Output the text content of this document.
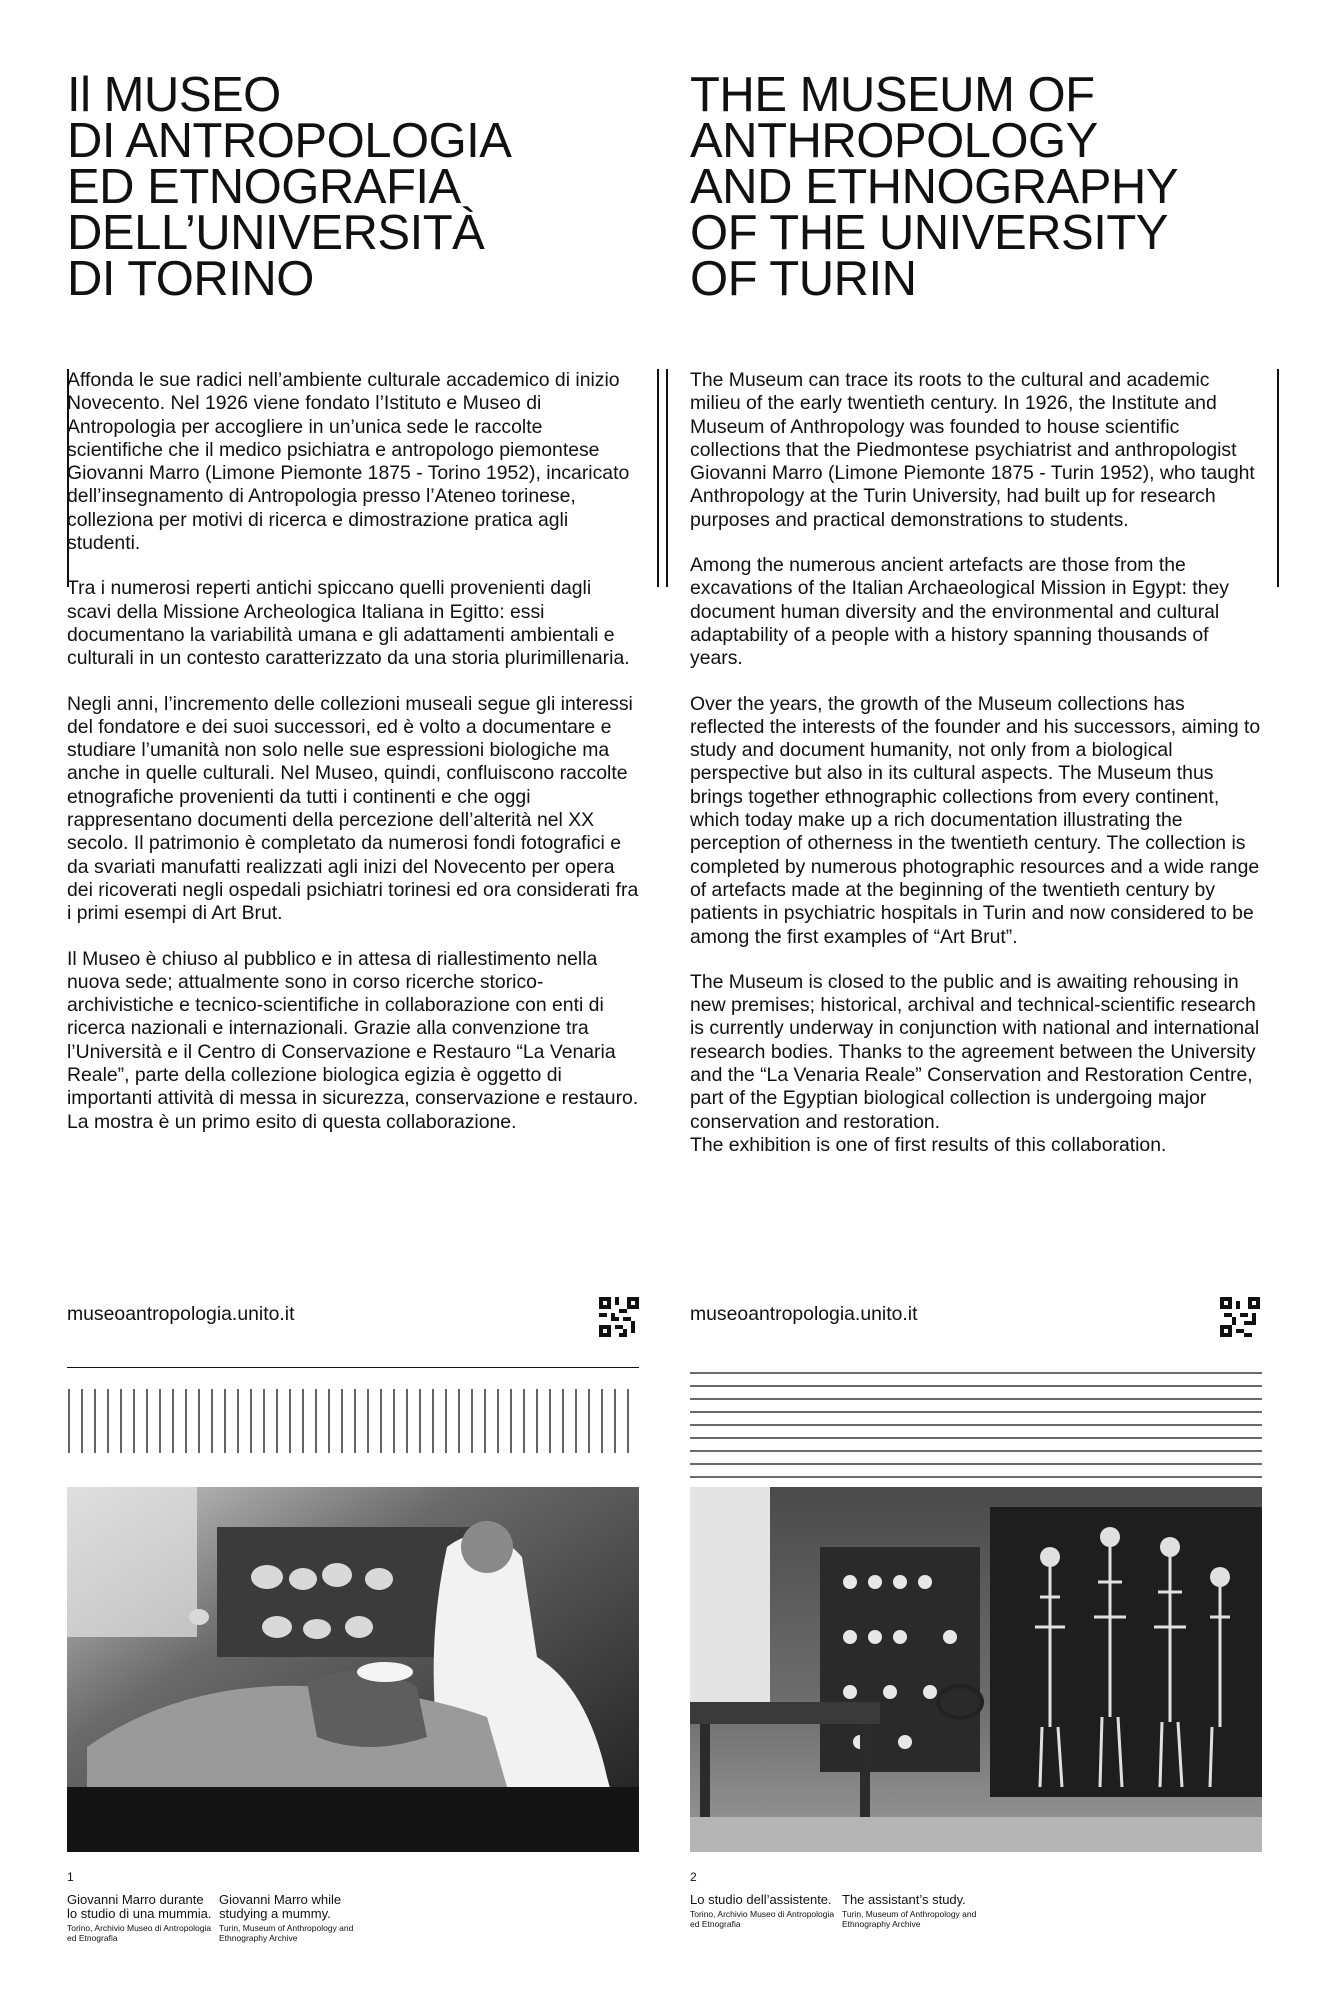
Il MUSEO
DI ANTROPOLOGIA
ED ETNOGRAFIA
DELL’UNIVERSITÀ
DI TORINO

Affonda le sue radici nell’ambiente culturale accademico di inizio Novecento. Nel 1926 viene fondato l’Istituto e Museo di Antropologia per accogliere in un’unica sede le raccolte scientifiche che il medico psichiatra e antropologo piemontese Giovanni Marro (Limone Piemonte 1875 - Torino 1952), incaricato dell’insegnamento di Antropologia presso l’Ateneo torinese, colleziona per motivi di ricerca e dimostrazione pratica agli studenti.

Tra i numerosi reperti antichi spiccano quelli provenienti dagli scavi della Missione Archeologica Italiana in Egitto: essi documentano la variabilità umana e gli adattamenti ambientali e culturali in un contesto caratterizzato da una storia plurimillenaria.

Negli anni, l’incremento delle collezioni museali segue gli interessi del fondatore e dei suoi successori, ed è volto a documentare e studiare l’umanità non solo nelle sue espressioni biologiche ma anche in quelle culturali. Nel Museo, quindi, confluiscono raccolte etnografiche provenienti da tutti i continenti e che oggi rappresentano documenti della percezione dell’alterità nel XX secolo. Il patrimonio è completato da numerosi fondi fotografici e da svariati manufatti realizzati agli inizi del Novecento per opera dei ricoverati negli ospedali psichiatri torinesi ed ora considerati fra i primi esempi di Art Brut.

Il Museo è chiuso al pubblico e in attesa di riallestimento nella nuova sede; attualmente sono in corso ricerche storico-archivistiche e tecnico-scientifiche in collaborazione con enti di ricerca nazionali e internazionali. Grazie alla convenzione tra l’Università e il Centro di Conservazione e Restauro “La Venaria Reale”, parte della collezione biologica egizia è oggetto di importanti attività di messa in sicurezza, conservazione e restauro.

La mostra è un primo esito di questa collaborazione.

museoantropologia.unito.it
1
Giovanni Marro durante lo studio di una mummia.
Torino, Archivio Museo di Antropologia ed Etnografia
Giovanni Marro while studying a mummy.
Turin, Museum of Anthropology and Ethnography Archive
THE MUSEUM OF
ANTHROPOLOGY
AND ETHNOGRAPHY
OF THE UNIVERSITY
OF TURIN

The Museum can trace its roots to the cultural and academic milieu of the early twentieth century. In 1926, the Institute and Museum of Anthropology was founded to house scientific collections that the Piedmontese psychiatrist and anthropologist Giovanni Marro (Limone Piemonte 1875 - Turin 1952), who taught Anthropology at the Turin University, had built up for research purposes and practical demonstrations to students.

Among the numerous ancient artefacts are those from the excavations of the Italian Archaeological Mission in Egypt: they document human diversity and the environmental and cultural adaptability of a people with a history spanning thousands of years.

Over the years, the growth of the Museum collections has reflected the interests of the founder and his successors, aiming to study and document humanity, not only from a biological perspective but also in its cultural aspects. The Museum thus brings together ethnographic collections from every continent, which today make up a rich documentation illustrating the perception of otherness in the twentieth century. The collection is completed by numerous photographic resources and a wide range of artefacts made at the beginning of the twentieth century by patients in psychiatric hospitals in Turin and now considered to be among the first examples of “Art Brut”.

The Museum is closed to the public and is awaiting rehousing in new premises; historical, archival and technical-scientific research is currently underway in conjunction with national and international research bodies. Thanks to the agreement between the University and the “La Venaria Reale” Conservation and Restoration Centre, part of the Egyptian biological collection is undergoing major conservation and restoration.

The exhibition is one of first results of this collaboration.

museoantropologia.unito.it
2
Lo studio dell’assistente.
Torino, Archivio Museo di Antropologia ed Etnografia
The assistant’s study.
Turin, Museum of Anthropology and Ethnography Archive
